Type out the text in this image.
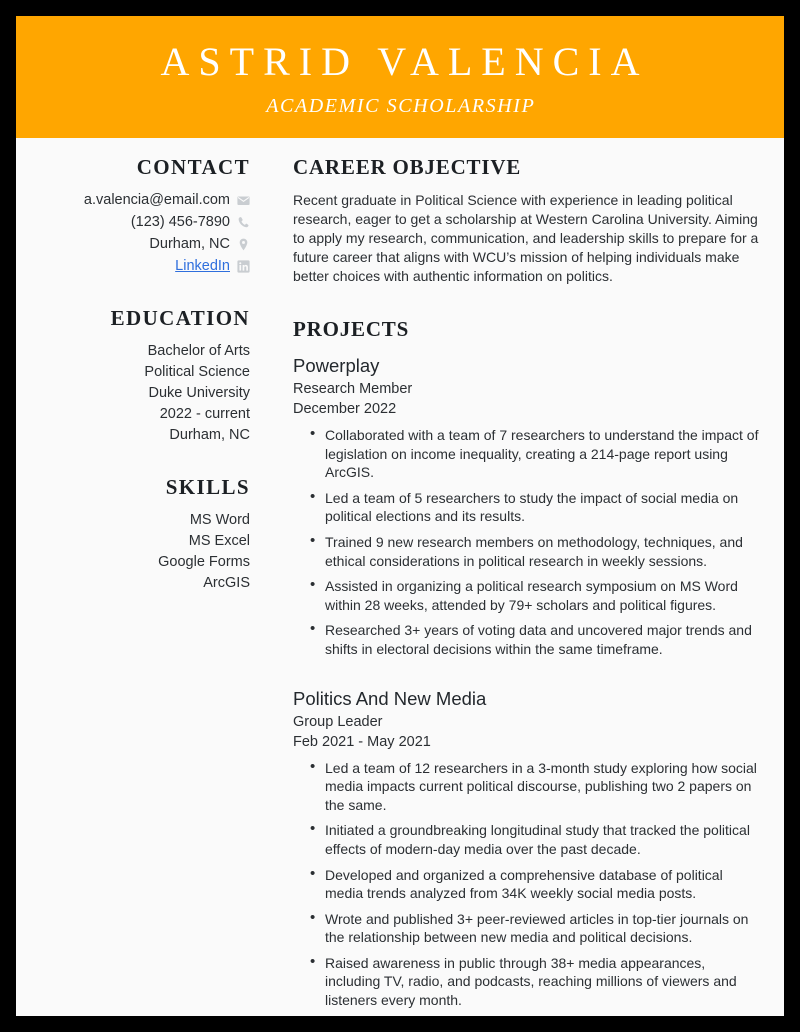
ASTRID VALENCIA
ACADEMIC SCHOLARSHIP
CONTACT
a.valencia@email.com
(123) 456-7890
Durham, NC
LinkedIn
EDUCATION
Bachelor of Arts
Political Science
Duke University
2022 - current
Durham, NC
SKILLS
MS Word
MS Excel
Google Forms
ArcGIS
CAREER OBJECTIVE
Recent graduate in Political Science with experience in leading political research, eager to get a scholarship at Western Carolina University. Aiming to apply my research, communication, and leadership skills to prepare for a future career that aligns with WCU’s mission of helping individuals make better choices with authentic information on politics.
PROJECTS
Powerplay
Research Member
December 2022
• Collaborated with a team of 7 researchers to understand the impact of legislation on income inequality, creating a 214-page report using ArcGIS.
• Led a team of 5 researchers to study the impact of social media on political elections and its results.
• Trained 9 new research members on methodology, techniques, and ethical considerations in political research in weekly sessions.
• Assisted in organizing a political research symposium on MS Word within 28 weeks, attended by 79+ scholars and political figures.
• Researched 3+ years of voting data and uncovered major trends and shifts in electoral decisions within the same timeframe.
Politics And New Media
Group Leader
Feb 2021 - May 2021
• Led a team of 12 researchers in a 3-month study exploring how social media impacts current political discourse, publishing two 2 papers on the same.
• Initiated a groundbreaking longitudinal study that tracked the political effects of modern-day media over the past decade.
• Developed and organized a comprehensive database of political media trends analyzed from 34K weekly social media posts.
• Wrote and published 3+ peer-reviewed articles in top-tier journals on the relationship between new media and political decisions.
• Raised awareness in public through 38+ media appearances, including TV, radio, and podcasts, reaching millions of viewers and listeners every month.
